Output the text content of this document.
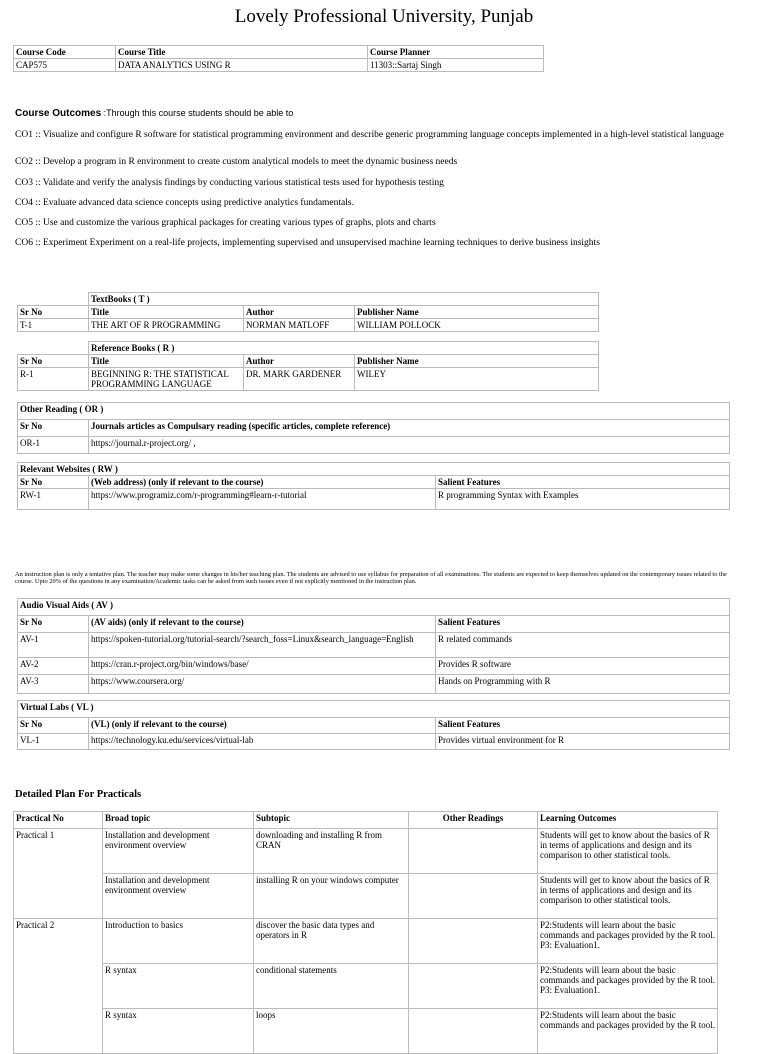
Lovely Professional University, Punjab
Course Code	Course Title	Course Planner
CAP575	DATA ANALYTICS USING R	11303::Sartaj Singh
Course Outcomes :Through this course students should be able to
CO1 :: Visualize and configure R software for statistical programming environment and describe generic programming language concepts implemented in a high-level statistical language
CO2 :: Develop a program in R environment to create custom analytical models to meet the dynamic business needs
CO3 :: Validate and verify the analysis findings by conducting various statistical tests used for hypothesis testing
CO4 :: Evaluate advanced data science concepts using predictive analytics fundamentals.
CO5 :: Use and customize the various graphical packages for creating various types of graphs, plots and charts
CO6 :: Experiment Experiment on a real-life projects, implementing supervised and unsupervised machine learning techniques to derive business insights
	TextBooks ( T )		
Sr No	Title	Author	Publisher Name
T-1	THE ART OF R PROGRAMMING	NORMAN MATLOFF	WILLIAM POLLOCK
	Reference Books ( R )		
Sr No	Title	Author	Publisher Name
R-1	BEGINNING R: THE STATISTICAL PROGRAMMING LANGUAGE	DR. MARK GARDENER	WILEY
Other Reading ( OR )	
Sr No	Journals articles as Compulsary reading (specific articles, complete reference)
OR-1	https://journal.r-project.org/ ,
Relevant Websites ( RW )		
Sr No	(Web address) (only if relevant to the course)	Salient Features
RW-1	https://www.programiz.com/r-programming#learn-r-tutorial	R programming Syntax with Examples
An instruction plan is only a tentative plan. The teacher may make some changes in his/her teaching plan. The students are advised to use syllabus for preparation of all examinations. The students are expected to keep themselves updated on the contemporary issues related to the course. Upto 20% of the questions in any examination/Academic tasks can be asked from such issues even if not explicitly mentioned in the instruction plan.
Audio Visual Aids ( AV )		
Sr No	(AV aids) (only if relevant to the course)	Salient Features
AV-1	https://spoken-tutorial.org/tutorial-search/?search_foss=Linux&search_language=English	R related commands
AV-2	https://cran.r-project.org/bin/windows/base/	Provides R software
AV-3	https://www.coursera.org/	Hands on Programming with R
Virtual Labs ( VL )		
Sr No	(VL) (only if relevant to the course)	Salient Features
VL-1	https://technology.ku.edu/services/virtual-lab	Provides virtual environment for R
Detailed Plan For Practicals
Practical No	Broad topic	Subtopic	Other Readings	Learning Outcomes
Practical 1	Installation and development environment overview	downloading and installing R from CRAN		Students will get to know about the basics of R in terms of applications and design and its comparison to other statistical tools.
	Installation and development environment overview	installing R on your windows computer		Students will get to know about the basics of R in terms of applications and design and its comparison to other statistical tools.
Practical 2	Introduction to basics	discover the basic data types and operators in R		P2:Students will learn about the basic commands and packages provided by the R tool.
P3: Evaluation1.
	R syntax	conditional statements		P2:Students will learn about the basic commands and packages provided by the R tool.
P3: Evaluation1.
	R syntax	loops		P2:Students will learn about the basic commands and packages provided by the R tool.
